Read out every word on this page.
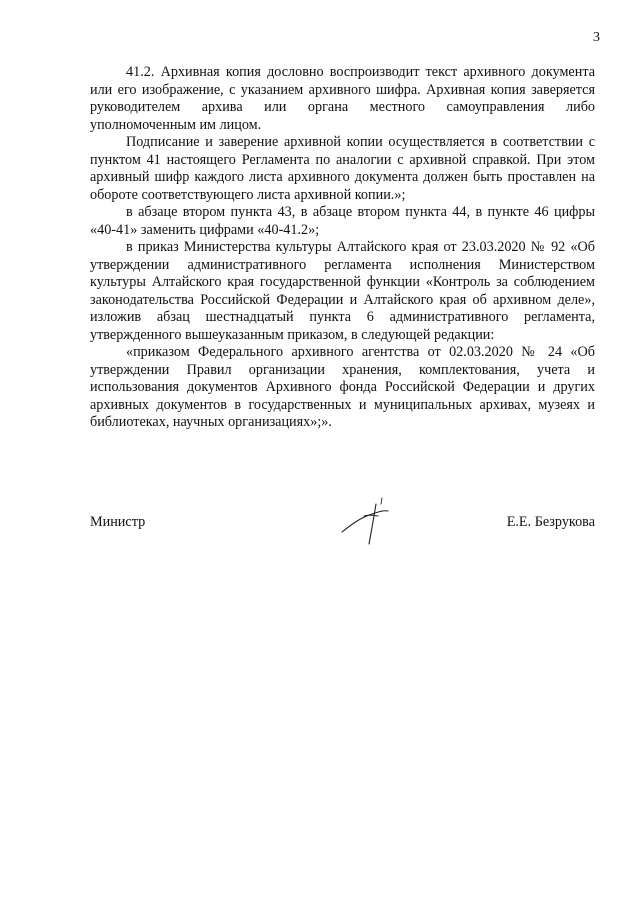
3

41.2. Архивная копия дословно воспроизводит текст архивного документа или его изображение, с указанием архивного шифра. Архивная копия заверяется руководителем архива или органа местного самоуправления либо уполномоченным им лицом.

Подписание и заверение архивной копии осуществляется в соответствии с пунктом 41 настоящего Регламента по аналогии с архивной справкой. При этом архивный шифр каждого листа архивного документа должен быть проставлен на обороте соответствующего листа архивной копии.»;

в абзаце втором пункта 43, в абзаце втором пункта 44, в пункте 46 цифры «40-41» заменить цифрами «40-41.2»;

в приказ Министерства культуры Алтайского края от 23.03.2020 № 92 «Об утверждении административного регламента исполнения Министерством культуры Алтайского края государственной функции «Контроль за соблюдением законодательства Российской Федерации и Алтайского края об архивном деле», изложив абзац шестнадцатый пункта 6 административного регламента, утвержденного вышеуказанным приказом, в следующей редакции:

«приказом Федерального архивного агентства от 02.03.2020 № 24 «Об утверждении Правил организации хранения, комплектования, учета и использования документов Архивного фонда Российской Федерации и других архивных документов в государственных и муниципальных архивах, музеях и библиотеках, научных организациях»;».

Министр	Е.Е. Безрукова
